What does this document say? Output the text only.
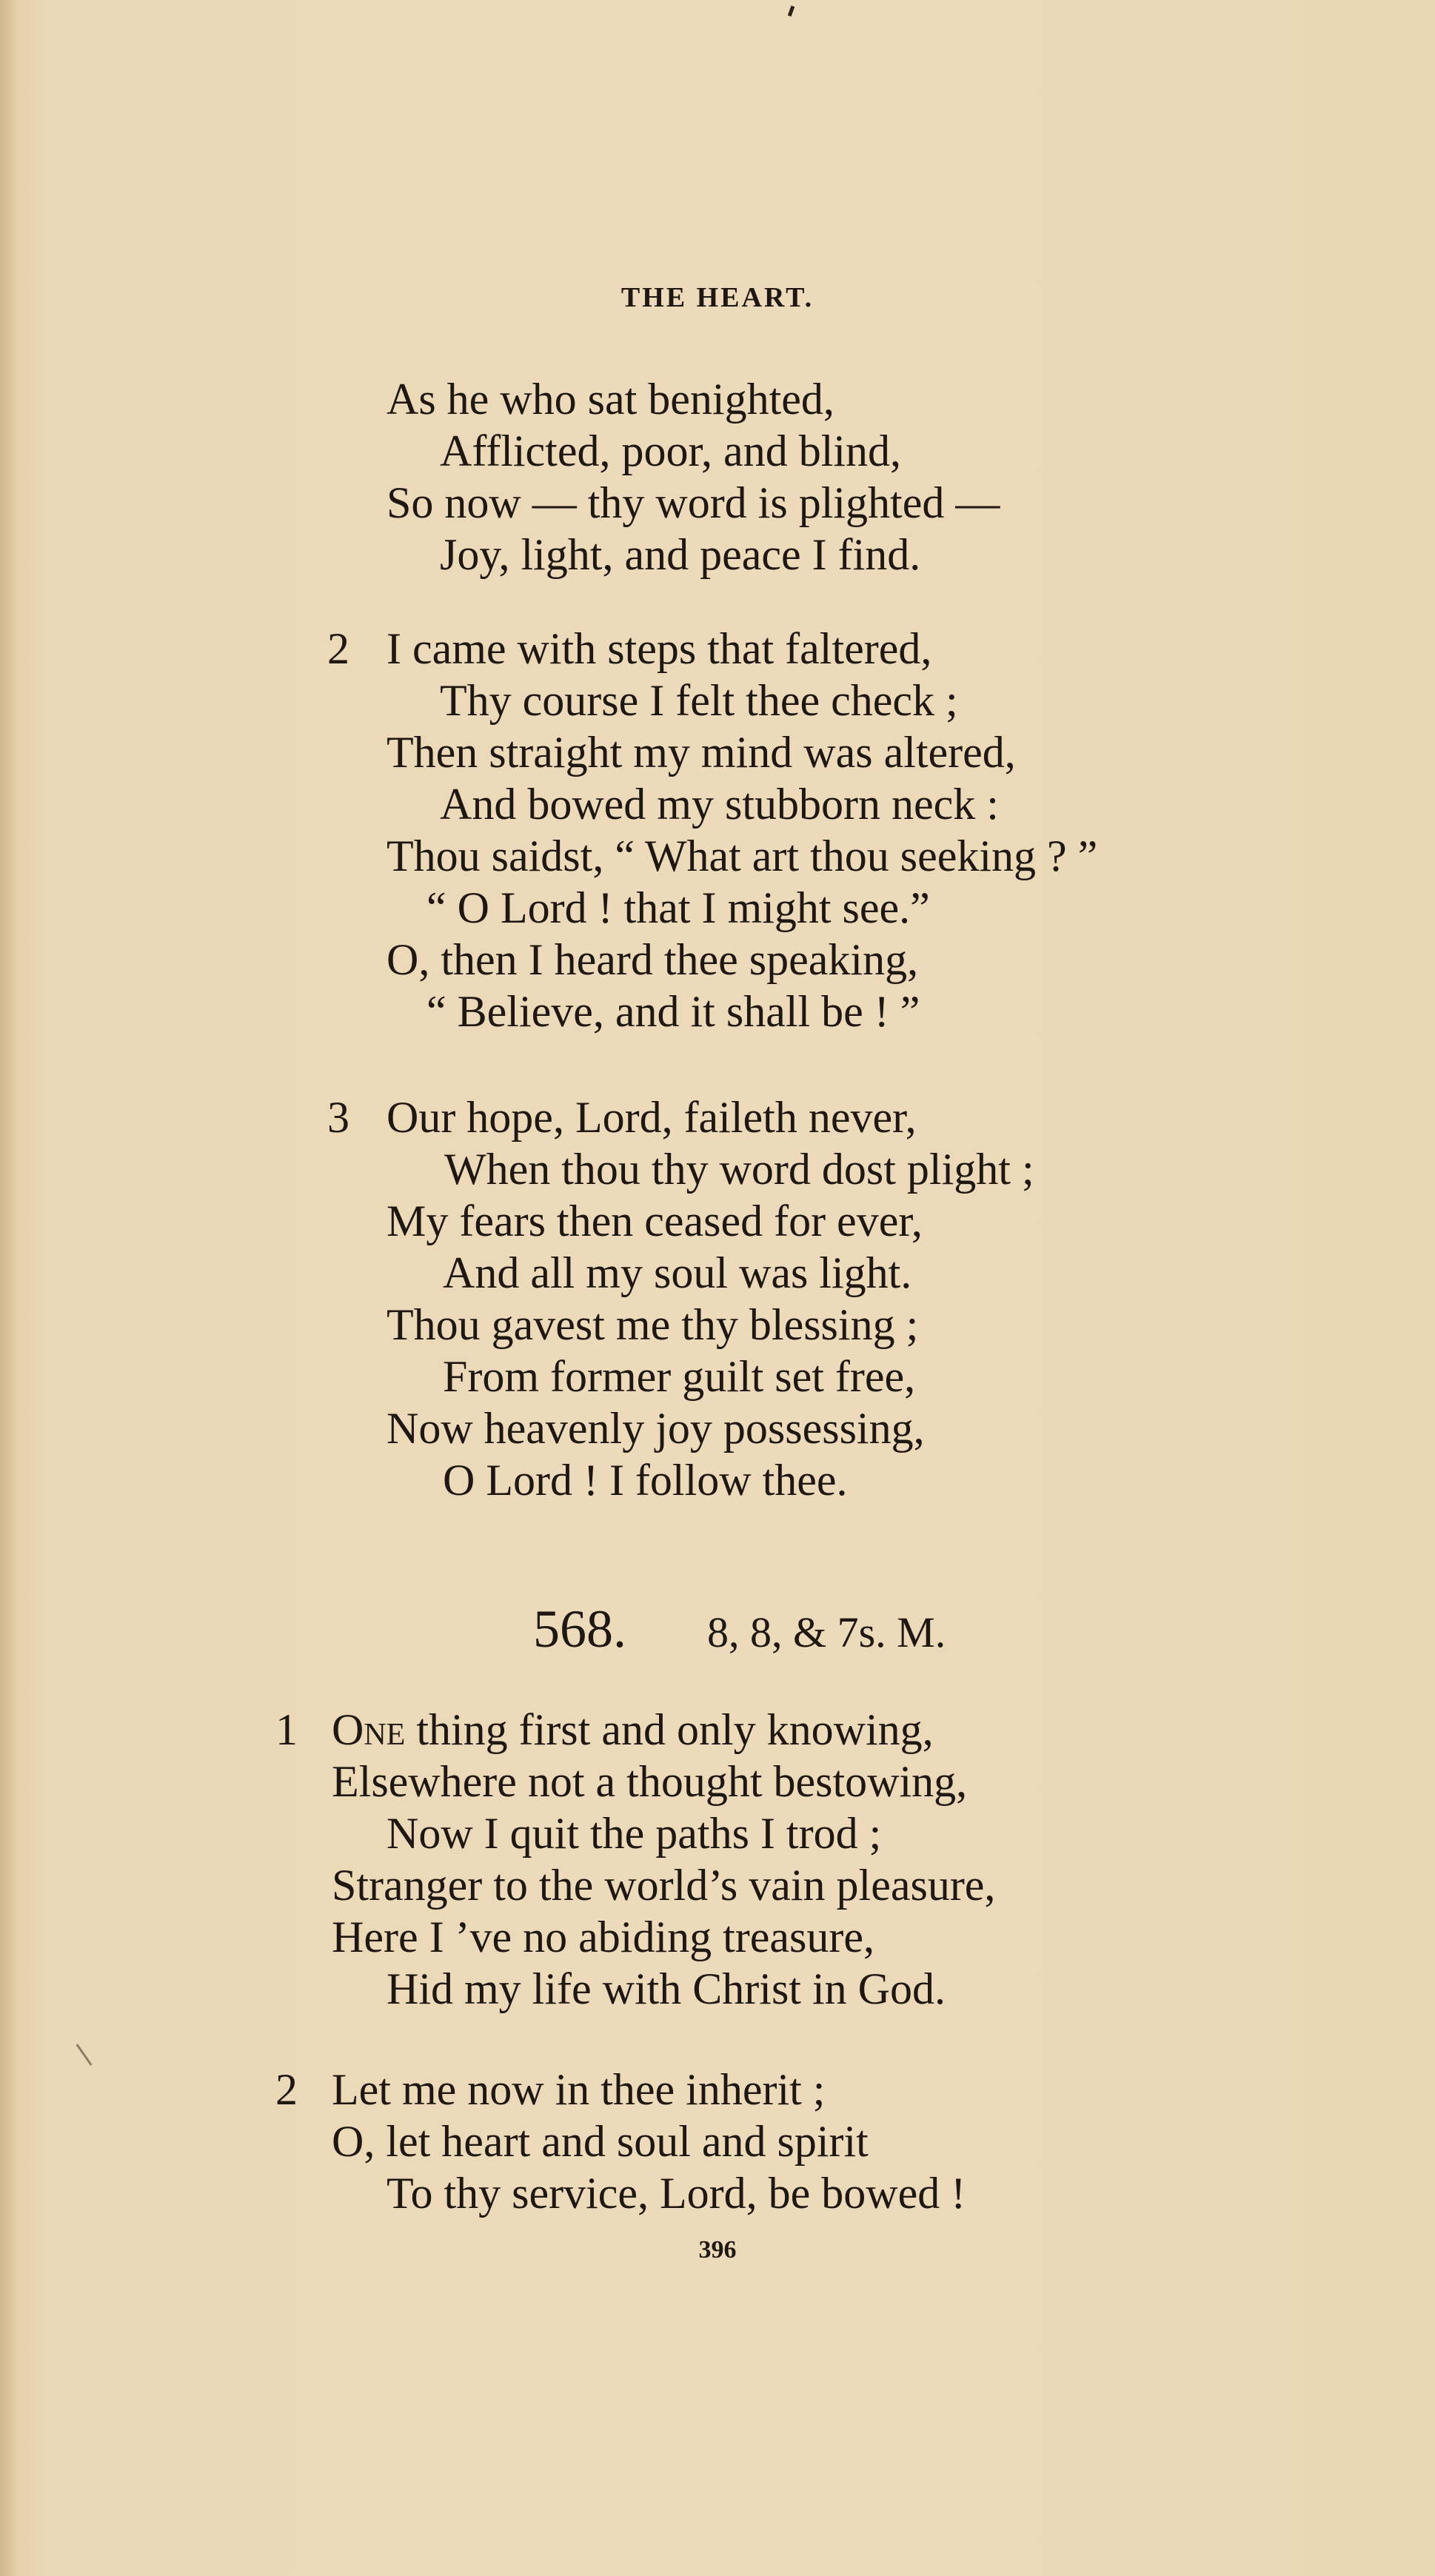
THE HEART.
As he who sat benighted,
Afflicted, poor, and blind,
So now — thy word is plighted —
Joy, light, and peace I find.
2 I came with steps that faltered,
Thy course I felt thee check ;
Then straight my mind was altered,
And bowed my stubborn neck :
Thou saidst, “ What art thou seeking ? ”
“ O Lord ! that I might see.”
O, then I heard thee speaking,
“ Believe, and it shall be ! ”
3 Our hope, Lord, faileth never,
When thou thy word dost plight ;
My fears then ceased for ever,
And all my soul was light.
Thou gavest me thy blessing ;
From former guilt set free,
Now heavenly joy possessing,
O Lord ! I follow thee.
568. 8, 8, & 7s. M.
1 One thing first and only knowing,
Elsewhere not a thought bestowing,
Now I quit the paths I trod ;
Stranger to the world’s vain pleasure,
Here I ’ve no abiding treasure,
Hid my life with Christ in God.
2 Let me now in thee inherit ;
O, let heart and soul and spirit
To thy service, Lord, be bowed !
396
